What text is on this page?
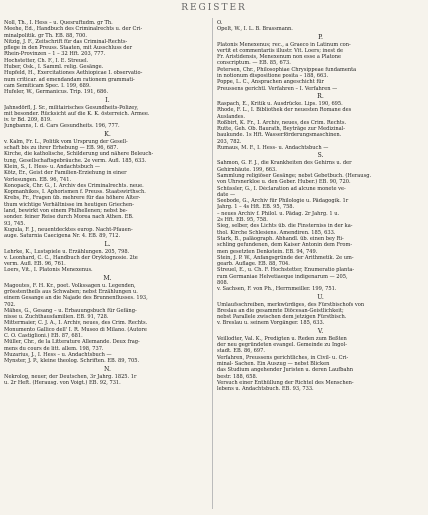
REGISTER

Noll, Th., I. Hess – u. Quesruftudm. gr Th.

Meehe, Ed., Handbuch des Criminalrechts u. der Cri-

minalpolitik. gr Th. EB. 88, 700.

Nitzig, J. F., Zeitschrift für das Criminal-Rechts-

pflege in den Preuss. Staaten, mit Ausschluss der

Rhein-Provinzen – 1 – 32 Hft. 203, 777.

Hochstetter, Ch. F., I. E. Streuel.

Huber, Osk., I. Samml. relig. Gesänge.

Hupfeld, H., Exercitationes Aethiopicae I. observatio-

num criticar. ad emendandam rationem grammati-

cam Semiticam Spec. I. 199, 689.

Hufeler, W., Germanicus. Trip. 191, 686.

I.

Jahnsdörfl, J. Sr., militairisches Gesundheits-Polizey,

mit besonder. Rücksicht auf die K. K. österreich. Armee.

iv. tr Bd. 209, 819.

Jungbanns, I. d. Cars Gesundheits. 196, 777.

K.

v. Kalm, Fr. L., Politik vom Ursprung der Gesell-

schaft bis zu ihrer Erhebung — EB. 96, 687.

Kirche, die katholische, Schilderung und nähere Beleuch-

tung, Gesellschaftsgebräuche. 2e verm. Aufl. 185, 633.

Klein, S., I. Hess- u. Andachtsbuch —

Kötz, Er., Geist der Familien-Erziehung in einer

Vorlesungen. EB. 96, 741.

Konopack, Chr. G., I. Archiv des Criminalrechts. neue.

Kopmanhikes, I. Aphorismen f. Preuss. Staatswirthsch.

Krebs, Fr., Fragen üb. mehrere für das höhere Alter-

thum wichtige Verhältnisse im heutigen Griechen-

land, bewirkt von einem Philhellenen; nebst be-

sonder. feiner Reise durch Morea nach Athen. EB.

93, 745.

Kugula, F. J., neuentdecktes europ. Nacht-Pfauen-

auge. Saturnia Caecigena Nr. 4. EB. 89, 712.

L.

Lehrke, K., Lustspiele u. Erzählungen. 205, 798.

v. Leonhard, C. C., Handbuch der Oryktognosie. 2te

verm. Aufl. EB. 96, 761.

Loers, Vit., I. Platonis Menexenus.

M.

Magoutes, F. H. Kr., poet. Volkssagen u. Legenden,

grösstentheils aus Schwaben; nebst Erzählungen u.

einem Gesange an die Najade des Brunnenflusses. 193,

702.

Mähes, G., Gesang – u. Erbauungsbuch für Gefäng-

nisse u. Zuchthausfamilien. EB. 91, 728.

Mittermaier, C. J. A., I. Archiv, neues, des Crim. Rechts.

Monumento Gallico dell' I. R. Museo di Milano. (Autore

C. O. Castiglioni.) EB. 87, 681.

Müller, Chr., de la Litterature Allemande. Deux frag-

mens du cours de litt. allem. 198, 737.

Muzarius, J., I. Hess – u. Andachtsbuch —

Mynster, J. P., kleine theolog. Schriften. EB. 89, 705.

N.

Nekrolog, neuer, der Deutschen, 3r Jahrg. 1825. 1r

u. 2r Heft. (Herausg. von Voigt.) EB. 92, 731.

O.

Opelt, W., I. L. B. Brassmann.

P.

Platonis Menexenus; rec., a Graeco in Latinum con-

vertit et commentariis illustr. Vit. Loers; inest de

Fr. Aristidensis, Menexenum non esse a Platone

conscriptum. — EB. 85, 673.

Petersen, Chr., Philosophiae Chrysippeae fundamenta

in notionum dispositione posita – 188, 663.

Poppe, L. C., Ansprachen angeschicht für

Preussens gerichtl. Verfahren – I. Verfahren —

R.

Raspach, E., Kritik u. Ausdrücke. Lips. 190, 695.

Rhode, F. L., I. Bibliothek der neuesten Romane des

Auslandes.

Roßbirt, K. Fr., I. Archiv, neues, des Crim. Rechts.

Rutte, Geh. Ob. Baurath, Beyträge zur Medizinal-

baukunde. 1s Hft. Wasserförderungsmaschinen.

203, 782.

Rumaus, M. F., I. Hess- u. Andachtsbuch —

S.

Sahmon, G. F. J., die Krankheiten des Gehirns u. der

Gehirnhäute. 199, 663.

Sammlung religiöser Gesänge; nebst Gebetbuch. (Herausg.

von Uhrsnerkloe u. den Geber. Huber.) EB. 90, 720.

Schüssler, G., I. Déclaration ad alcune monete ve-

date —

Seebode, G., Archiv für Philologie u. Pädagogik. 1r

Jahrg. 1 – 4s Hft. EB. 95, 758.

– neues Archiv f. Philol. u. Pädag. 2r Jahrg. 1 u.

2s Hft. EB. 95, 758.

Sieg, selber, des Lichts üb. die Finsterniss in der ka-

thol. Kirche Schlesiens. Amendiren. 185, 633.

Stark, B., paläograph. Abhandl. üb. einen bey Ri-

schling gefundenen, dem Kaiser Antonin dem From-

men gesetzten Denkstein. EB. 94, 749.

Stein, J. P. W., Anfangsgründe der Arithmetik. 2e um-

gearb. Auflage. EB. 88, 704.

Streuel, E., u. Ch. F. Hochstetter, Enumeratio planta-

rum Germaniae Helvetiaeque indigenarum — 205,

808.

v. Sachsen, F. von Ph., Herrnmeiller. 199, 751.

U.

Umlaufsschreiben, merkwürdiges, des Fürstbischofs von

Breslau an die gesammte Diöcesan-Geistlichkeit;

nebst Parallele zwischen dem jetzigen Fürstbisch.

v. Breslau u. seinem Vorgänger. 185, 633.

V.

Veillodter, Val. K., Predigten u. Reden zum Beßten

der neu gegründeten evangel. Gemeinde zu Ingol-

stadt. EB. 86, 697.

Verfahren, Preussens gerichtliches, in Civil- u. Cri-

minal- Sachen. Ein Auszug — nebst Blicken

das Studium angehender Juristen u. deren Laufbahn

bestr. 188, 658.

Versuch einer Enthüllung der Richtel des Menschen-

lebens u. Andachtsbuch. EB. 93, 733.
